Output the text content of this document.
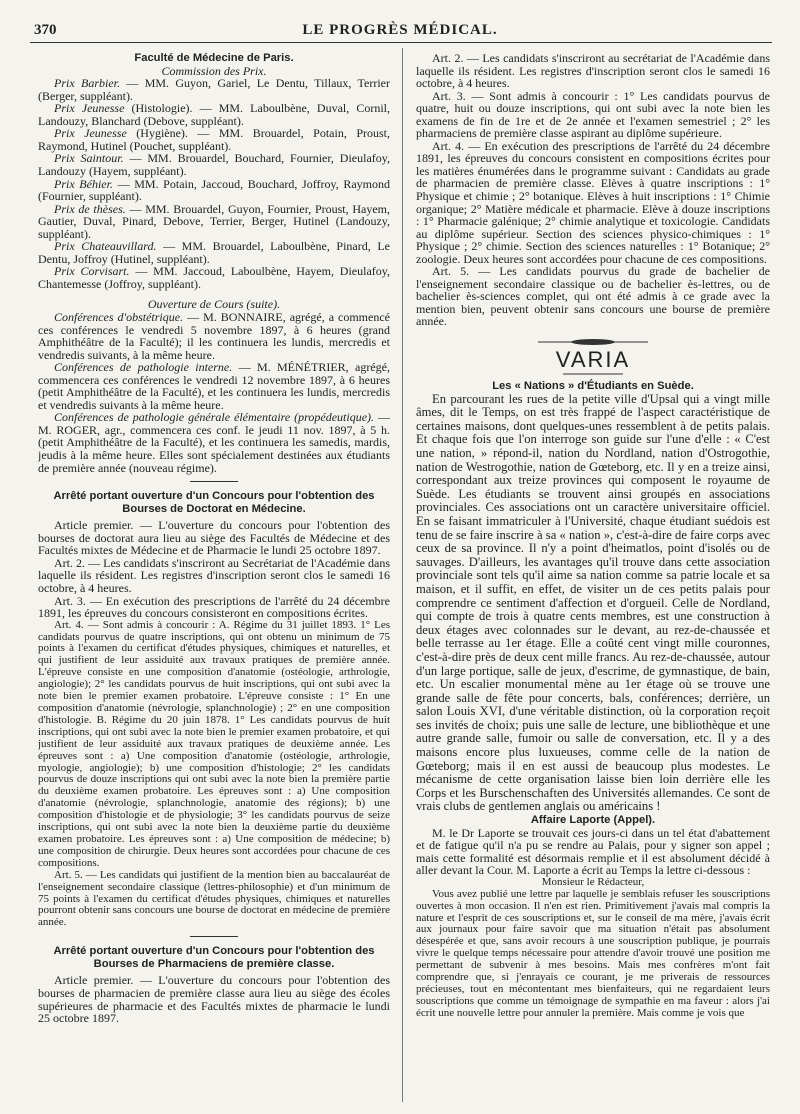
370	LE PROGRÈS MÉDICAL.
Faculté de Médecine de Paris.

Commission des Prix.

Prix Barbier. — MM. Guyon, Gariel, Le Dentu, Tillaux, Terrier (Berger, suppléant).

Prix Jeunesse (Histologie). — MM. Laboulbène, Duval, Cornil, Landouzy, Blanchard (Debove, suppléant).

Prix Jeunesse (Hygiène). — MM. Brouardel, Potain, Proust, Raymond, Hutinel (Pouchet, suppléant).

Prix Saintour. — MM. Brouardel, Bouchard, Fournier, Dieulafoy, Landouzy (Hayem, suppléant).

Prix Béhier. — MM. Potain, Jaccoud, Bouchard, Joffroy, Raymond (Fournier, suppléant).

Prix de thèses. — MM. Brouardel, Guyon, Fournier, Proust, Hayem, Gautier, Duval, Pinard, Debove, Terrier, Berger, Hutinel (Landouzy, suppléant).

Prix Chateauvillard. — MM. Brouardel, Laboulbène, Pinard, Le Dentu, Joffroy (Hutinel, suppléant).

Prix Corvisart. — MM. Jaccoud, Laboulbène, Hayem, Dieulafoy, Chantemesse (Joffroy, suppléant).

Ouverture de Cours (suite).

Conférences d'obstétrique. — M. BONNAIRE, agrégé, a commencé ces conférences le vendredi 5 novembre 1897, à 6 heures (grand Amphithéâtre de la Faculté); il les continuera les lundis, mercredis et vendredis suivants, à la même heure.

Conférences de pathologie interne. — M. MÉNÉTRIER, agrégé, commencera ces conférences le vendredi 12 novembre 1897, à 6 heures (petit Amphithéâtre de la Faculté), et les continuera les lundis, mercredis et vendredis suivants à la même heure.

Conférences de pathologie générale élémentaire (propédeutique). — M. ROGER, agr., commencera ces conf. le jeudi 11 nov. 1897, à 5 h. (petit Amphithéâtre de la Faculté), et les continuera les samedis, mardis, jeudis à la même heure. Elles sont spécialement destinées aux étudiants de première année (nouveau régime).

Arrêté portant ouverture d'un Concours pour l'obtention des Bourses de Doctorat en Médecine.

Article premier. — L'ouverture du concours pour l'obtention des bourses de doctorat aura lieu au siège des Facultés de Médecine et des Facultés mixtes de Médecine et de Pharmacie le lundi 25 octobre 1897.

Art. 2. — Les candidats s'inscriront au Secrétariat de l'Académie dans laquelle ils résident. Les registres d'inscription seront clos le samedi 16 octobre, à 4 heures.

Art. 3. — En exécution des prescriptions de l'arrêté du 24 décembre 1891, les épreuves du concours consisteront en compositions écrites.

Art. 4. — Sont admis à concourir : A. Régime du 31 juillet 1893. 1° Les candidats pourvus de quatre inscriptions, qui ont obtenu un minimum de 75 points à l'examen du certificat d'études physiques, chimiques et naturelles, et qui justifient de leur assiduité aux travaux pratiques de première année. L'épreuve consiste en une composition d'anatomie (ostéologie, arthrologie, angiologie); 2° les candidats pourvus de huit inscriptions, qui ont subi avec la note bien le premier examen probatoire. L'épreuve consiste : 1° En une composition d'anatomie (névrologie, splanchnologie) ; 2° en une composition d'histologie. B. Régime du 20 juin 1878. 1° Les candidats pourvus de huit inscriptions, qui ont subi avec la note bien le premier examen probatoire, et qui justifient de leur assiduité aux travaux pratiques de deuxième année. Les épreuves sont : a) Une composition d'anatomie (ostéologie, arthrologie, myologie, angiologie); b) une composition d'histologie; 2° les candidats pourvus de douze inscriptions qui ont subi avec la note bien la première partie du deuxième examen probatoire. Les épreuves sont : a) Une composition d'anatomie (névrologie, splanchnologie, anatomie des régions); b) une composition d'histologie et de physiologie; 3° les candidats pourvus de seize inscriptions, qui ont subi avec la note bien la deuxième partie du deuxième examen probatoire. Les épreuves sont : a) Une composition de médecine; b) une composition de chirurgie. Deux heures sont accordées pour chacune de ces compositions.

Art. 5. — Les candidats qui justifient de la mention bien au baccalauréat de l'enseignement secondaire classique (lettres-philosophie) et d'un minimum de 75 points à l'examen du certificat d'études physiques, chimiques et naturelles pourront obtenir sans concours une bourse de doctorat en médecine de première année.

Arrêté portant ouverture d'un Concours pour l'obtention des Bourses de Pharmaciens de première classe.

Article premier. — L'ouverture du concours pour l'obtention des bourses de pharmacien de première classe aura lieu au siège des écoles supérieures de pharmacie et des Facultés mixtes de pharmacie le lundi 25 octobre 1897.

Art. 2. — Les candidats s'inscriront au secrétariat de l'Académie dans laquelle ils résident. Les registres d'inscription seront clos le samedi 16 octobre, à 4 heures.

Art. 3. — Sont admis à concourir : 1° Les candidats pourvus de quatre, huit ou douze inscriptions, qui ont subi avec la note bien les examens de fin de 1re et de 2e année et l'examen semestriel ; 2° les pharmaciens de première classe aspirant au diplôme supérieure.

Art. 4. — En exécution des prescriptions de l'arrêté du 24 décembre 1891, les épreuves du concours consistent en compositions écrites pour les matières énumérées dans le programme suivant : Candidats au grade de pharmacien de première classe. Elèves à quatre inscriptions : 1° Physique et chimie ; 2° botanique. Elèves à huit inscriptions : 1° Chimie organique; 2° Matière médicale et pharmacie. Elève à douze inscriptions : 1° Pharmacie galénique; 2° chimie analytique et toxicologie. Candidats au diplôme supérieur. Section des sciences physico-chimiques : 1° Physique ; 2° chimie. Section des sciences naturelles : 1° Botanique; 2° zoologie. Deux heures sont accordées pour chacune de ces compositions.

Art. 5. — Les candidats pourvus du grade de bachelier de l'enseignement secondaire classique ou de bachelier ès-lettres, ou de bachelier ès-sciences complet, qui ont été admis à ce grade avec la mention bien, peuvent obtenir sans concours une bourse de première année.

VARIA
Les « Nations » d'Étudiants en Suède.

En parcourant les rues de la petite ville d'Upsal qui a vingt mille âmes, dit le Temps, on est très frappé de l'aspect caractéristique de certaines maisons, dont quelques-unes ressemblent à de petits palais. Et chaque fois que l'on interroge son guide sur l'une d'elle : « C'est une nation, » répond-il, nation du Nordland, nation d'Ostrogothie, nation de Westrogothie, nation de Gœteborg, etc. Il y en a treize ainsi, correspondant aux treize provinces qui composent le royaume de Suède. Les étudiants se trouvent ainsi groupés en associations provinciales. Ces associations ont un caractère universitaire officiel. En se faisant immatriculer à l'Université, chaque étudiant suédois est tenu de se faire inscrire à sa « nation », c'est-à-dire de faire corps avec ceux de sa province. Il n'y a point d'heimatlos, point d'isolés ou de sauvages. D'ailleurs, les avantages qu'il trouve dans cette association provinciale sont tels qu'il aime sa nation comme sa patrie locale et sa maison, et il suffit, en effet, de visiter un de ces petits palais pour comprendre ce sentiment d'affection et d'orgueil. Celle de Nordland, qui compte de trois à quatre cents membres, est une construction à deux étages avec colonnades sur le devant, au rez-de-chaussée et belle terrasse au 1er étage. Elle a coûté cent vingt mille couronnes, c'est-à-dire près de deux cent mille francs. Au rez-de-chaussée, autour d'un large portique, salle de jeux, d'escrime, de gymnastique, de bain, etc. Un escalier monumental mène au 1er étage où se trouve une grande salle de fête pour concerts, bals, conférences; derrière, un salon Louis XVI, d'une véritable distinction, où la corporation reçoit ses invités de choix; puis une salle de lecture, une bibliothèque et une autre grande salle, fumoir ou salle de conversation, etc. Il y a des maisons encore plus luxueuses, comme celle de la nation de Gœteborg; mais il en est aussi de beaucoup plus modestes. Le mécanisme de cette organisation laisse bien loin derrière elle les Corps et les Burschenschaften des Universités allemandes. Ce sont de vrais clubs de gentlemen anglais ou américains !

Affaire Laporte (Appel).

M. le Dr Laporte se trouvait ces jours-ci dans un tel état d'abattement et de fatigue qu'il n'a pu se rendre au Palais, pour y signer son appel ; mais cette formalité est désormais remplie et il est absolument décidé à aller devant la Cour. M. Laporte a écrit au Temps la lettre ci-dessous :

Monsieur le Rédacteur,

Vous avez publié une lettre par laquelle je semblais refuser les souscriptions ouvertes à mon occasion. Il n'en est rien. Primitivement j'avais mal compris la nature et l'esprit de ces souscriptions et, sur le conseil de ma mère, j'avais écrit aux journaux pour faire savoir que ma situation n'était pas absolument désespérée et que, sans avoir recours à une souscription publique, je pourrais vivre le quelque temps nécessaire pour attendre d'avoir trouvé une position me permettant de subvenir à mes besoins. Mais mes confrères m'ont fait comprendre que, si j'enrayais ce courant, je me priverais de ressources précieuses, tout en mécontentant mes bienfaiteurs, qui ne regardaient leurs souscriptions que comme un témoignage de sympathie en ma faveur : alors j'ai écrit une nouvelle lettre pour annuler la première. Mais comme je vois que
